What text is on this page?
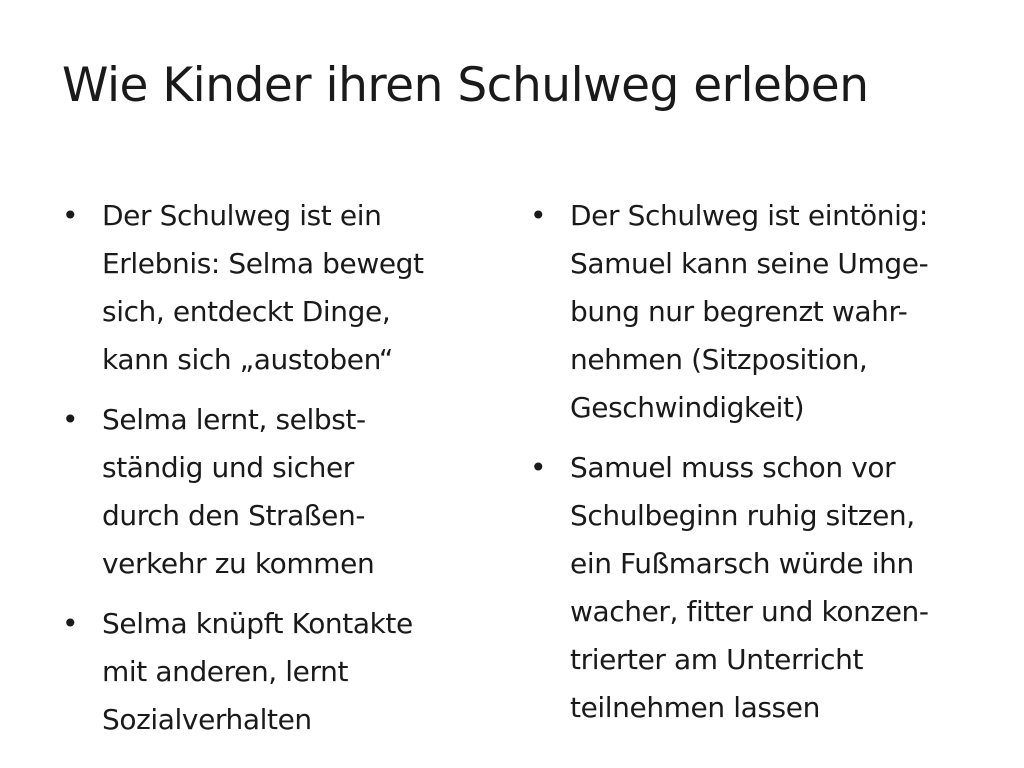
Wie Kinder ihren Schulweg erleben
• Der Schulweg ist ein
Erlebnis: Selma bewegt
sich, entdeckt Dinge,
kann sich „austoben“
• Selma lernt, selbst-
ständig und sicher
durch den Straßen-
verkehr zu kommen
• Selma knüpft Kontakte
mit anderen, lernt
Sozialverhalten
• Der Schulweg ist eintönig:
Samuel kann seine Umge-
bung nur begrenzt wahr-
nehmen (Sitzposition,
Geschwindigkeit)
• Samuel muss schon vor
Schulbeginn ruhig sitzen,
ein Fußmarsch würde ihn
wacher, fitter und konzen-
trierter am Unterricht
teilnehmen lassen
